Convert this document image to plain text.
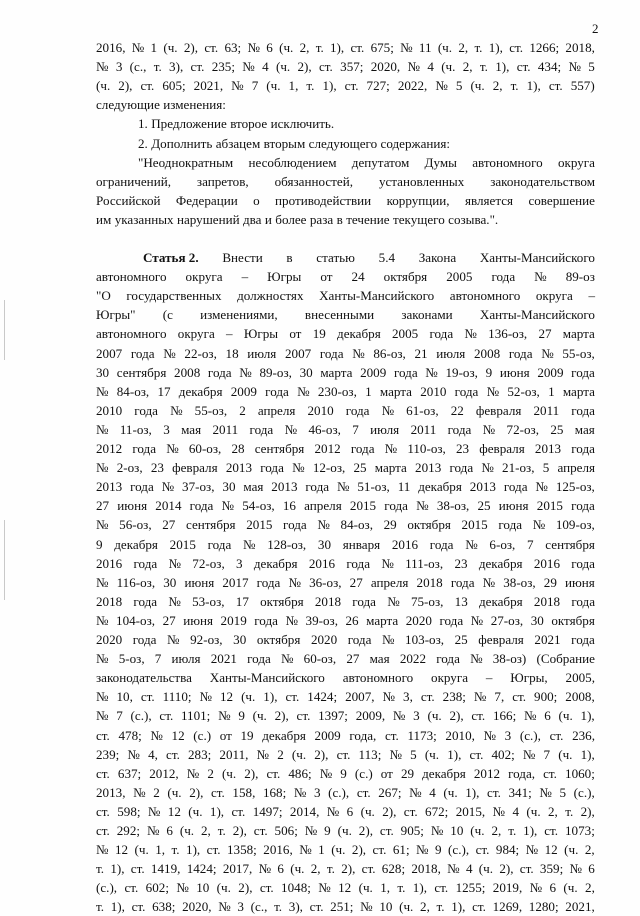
2
2016, № 1 (ч. 2), ст. 63; № 6 (ч. 2, т. 1), ст. 675; № 11 (ч. 2, т. 1), ст. 1266; 2018,
№ 3 (с., т. 3), ст. 235; № 4 (ч. 2), ст. 357; 2020, № 4 (ч. 2, т. 1), ст. 434; № 5
(ч. 2), ст. 605; 2021, № 7 (ч. 1, т. 1), ст. 727; 2022, № 5 (ч. 2, т. 1), ст. 557)
следующие изменения:
1. Предложение второе исключить.
2. Дополнить абзацем вторым следующего содержания:
"Неоднократным несоблюдением депутатом Думы автономного округа
ограничений, запретов, обязанностей, установленных законодательством
Российской Федерации о противодействии коррупции, является совершение
им указанных нарушений два и более раза в течение текущего созыва.".
Статья 2. Внести в статью 5.4 Закона Ханты-Мансийского
автономного округа – Югры от 24 октября 2005 года № 89-оз
"О государственных должностях Ханты-Мансийского автономного округа –
Югры" (с изменениями, внесенными законами Ханты-Мансийского
автономного округа – Югры от 19 декабря 2005 года № 136-оз, 27 марта
2007 года № 22-оз, 18 июля 2007 года № 86-оз, 21 июля 2008 года № 55-оз,
30 сентября 2008 года № 89-оз, 30 марта 2009 года № 19-оз, 9 июня 2009 года
№ 84-оз, 17 декабря 2009 года № 230-оз, 1 марта 2010 года № 52-оз, 1 марта
2010 года № 55-оз, 2 апреля 2010 года № 61-оз, 22 февраля 2011 года
№ 11-оз, 3 мая 2011 года № 46-оз, 7 июля 2011 года № 72-оз, 25 мая
2012 года № 60-оз, 28 сентября 2012 года № 110-оз, 23 февраля 2013 года
№ 2-оз, 23 февраля 2013 года № 12-оз, 25 марта 2013 года № 21-оз, 5 апреля
2013 года № 37-оз, 30 мая 2013 года № 51-оз, 11 декабря 2013 года № 125-оз,
27 июня 2014 года № 54-оз, 16 апреля 2015 года № 38-оз, 25 июня 2015 года
№ 56-оз, 27 сентября 2015 года № 84-оз, 29 октября 2015 года № 109-оз,
9 декабря 2015 года № 128-оз, 30 января 2016 года № 6-оз, 7 сентября
2016 года № 72-оз, 3 декабря 2016 года № 111-оз, 23 декабря 2016 года
№ 116-оз, 30 июня 2017 года № 36-оз, 27 апреля 2018 года № 38-оз, 29 июня
2018 года № 53-оз, 17 октября 2018 года № 75-оз, 13 декабря 2018 года
№ 104-оз, 27 июня 2019 года № 39-оз, 26 марта 2020 года № 27-оз, 30 октября
2020 года № 92-оз, 30 октября 2020 года № 103-оз, 25 февраля 2021 года
№ 5-оз, 7 июля 2021 года № 60-оз, 27 мая 2022 года № 38-оз) (Собрание
законодательства Ханты-Мансийского автономного округа – Югры, 2005,
№ 10, ст. 1110; № 12 (ч. 1), ст. 1424; 2007, № 3, ст. 238; № 7, ст. 900; 2008,
№ 7 (с.), ст. 1101; № 9 (ч. 2), ст. 1397; 2009, № 3 (ч. 2), ст. 166; № 6 (ч. 1),
ст. 478; № 12 (с.) от 19 декабря 2009 года, ст. 1173; 2010, № 3 (с.), ст. 236,
239; № 4, ст. 283; 2011, № 2 (ч. 2), ст. 113; № 5 (ч. 1), ст. 402; № 7 (ч. 1),
ст. 637; 2012, № 2 (ч. 2), ст. 486; № 9 (с.) от 29 декабря 2012 года, ст. 1060;
2013, № 2 (ч. 2), ст. 158, 168; № 3 (с.), ст. 267; № 4 (ч. 1), ст. 341; № 5 (с.),
ст. 598; № 12 (ч. 1), ст. 1497; 2014, № 6 (ч. 2), ст. 672; 2015, № 4 (ч. 2, т. 2),
ст. 292; № 6 (ч. 2, т. 2), ст. 506; № 9 (ч. 2), ст. 905; № 10 (ч. 2, т. 1), ст. 1073;
№ 12 (ч. 1, т. 1), ст. 1358; 2016, № 1 (ч. 2), ст. 61; № 9 (с.), ст. 984; № 12 (ч. 2,
т. 1), ст. 1419, 1424; 2017, № 6 (ч. 2, т. 2), ст. 628; 2018, № 4 (ч. 2), ст. 359; № 6
(с.), ст. 602; № 10 (ч. 2), ст. 1048; № 12 (ч. 1, т. 1), ст. 1255; 2019, № 6 (ч. 2,
т. 1), ст. 638; 2020, № 3 (с., т. 3), ст. 251; № 10 (ч. 2, т. 1), ст. 1269, 1280; 2021,
